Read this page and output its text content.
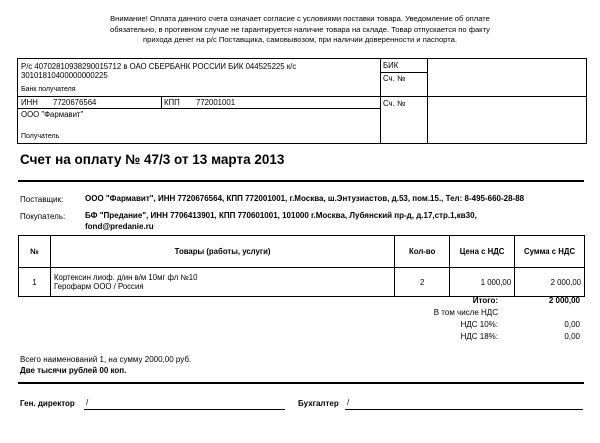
Внимание! Оплата данного счета означает согласие с условиями поставки товара. Уведомление об оплате
обязательно, в противном случае не гарантируется наличие товара на складе. Товар отпускается по факту
прихода денег на р/с Поставщика, самовывозом, при наличии доверенности и паспорта.
Р/с 40702810938290015712 в ОАО СБЕРБАНК РОССИИ БИК 044525225 к/с
30101810400000000225
Банк получателя
БИК
Сч. №
ИНН 7720676564	КПП 772001001	Сч. №
ООО "Фармавит"
Получатель
Счет на оплату № 47/3 от 13 марта 2013
Поставщик:	ООО "Фармавит", ИНН 7720676564, КПП 772001001, г.Москва, ш.Энтузиастов, д.53, пом.15., Тел: 8-495-660-28-88
Покупатель: БФ "Предание", ИНН 7706413901, КПП 770601001, 101000 г.Москва, Лубянский пр-д, д.17,стр.1,кв30,
fond@predanie.ru
№	Товары (работы, услуги)	Кол-во	Цена с НДС	Сумма с НДС
1	Кортексин лиоф. д/ин в/м 10мг фл №10
Герофарм ООО / Россия	2	1 000,00	2 000,00
Итого:	2 000,00
В том числе НДС
НДС 10%:	0,00
НДС 18%:	0,00
Всего наименований 1, на сумму 2000,00 руб.
Две тысячи рублей 00 коп.
Ген. директор /	Бухгалтер /
